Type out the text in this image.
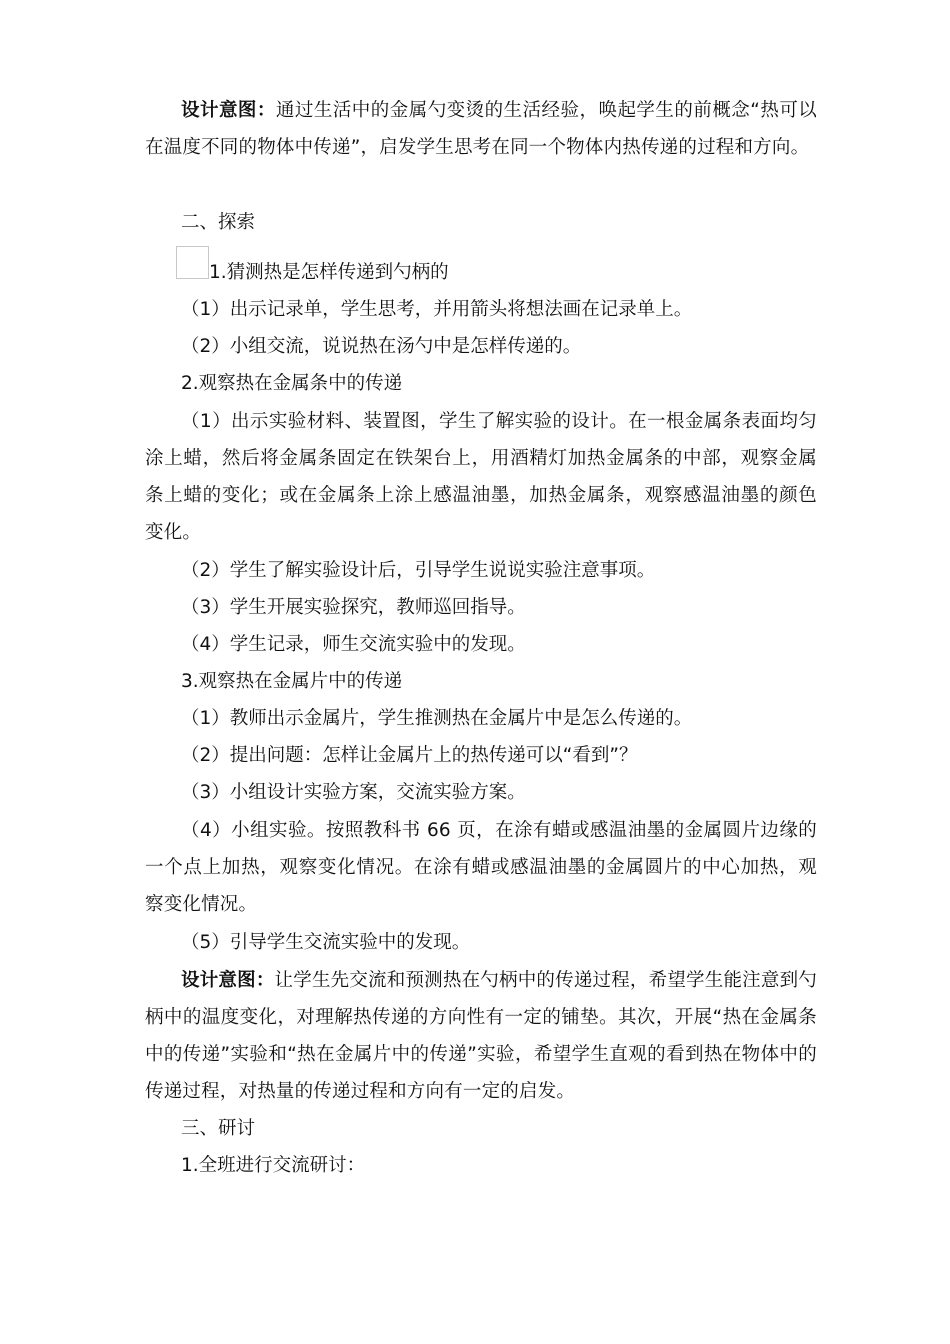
设计意图：通过生活中的金属勺变烫的生活经验，唤起学生的前概念“热可以在温度不同的物体中传递”，启发学生思考在同一个物体内热传递的过程和方向。
二、探索
1.猜测热是怎样传递到勺柄的
（1）出示记录单，学生思考，并用箭头将想法画在记录单上。
（2）小组交流，说说热在汤勺中是怎样传递的。
2.观察热在金属条中的传递
（1）出示实验材料、装置图，学生了解实验的设计。在一根金属条表面均匀涂上蜡，然后将金属条固定在铁架台上，用酒精灯加热金属条的中部，观察金属条上蜡的变化；或在金属条上涂上感温油墨，加热金属条，观察感温油墨的颜色变化。
（2）学生了解实验设计后，引导学生说说实验注意事项。
（3）学生开展实验探究，教师巡回指导。
（4）学生记录，师生交流实验中的发现。
3.观察热在金属片中的传递
（1）教师出示金属片，学生推测热在金属片中是怎么传递的。
（2）提出问题：怎样让金属片上的热传递可以“看到”？
（3）小组设计实验方案，交流实验方案。
（4）小组实验。按照教科书 66 页，在涂有蜡或感温油墨的金属圆片边缘的一个点上加热，观察变化情况。在涂有蜡或感温油墨的金属圆片的中心加热，观察变化情况。
（5）引导学生交流实验中的发现。
设计意图：让学生先交流和预测热在勺柄中的传递过程，希望学生能注意到勺柄中的温度变化，对理解热传递的方向性有一定的铺垫。其次，开展“热在金属条中的传递”实验和“热在金属片中的传递”实验，希望学生直观的看到热在物体中的传递过程，对热量的传递过程和方向有一定的启发。
三、研讨
1.全班进行交流研讨：
